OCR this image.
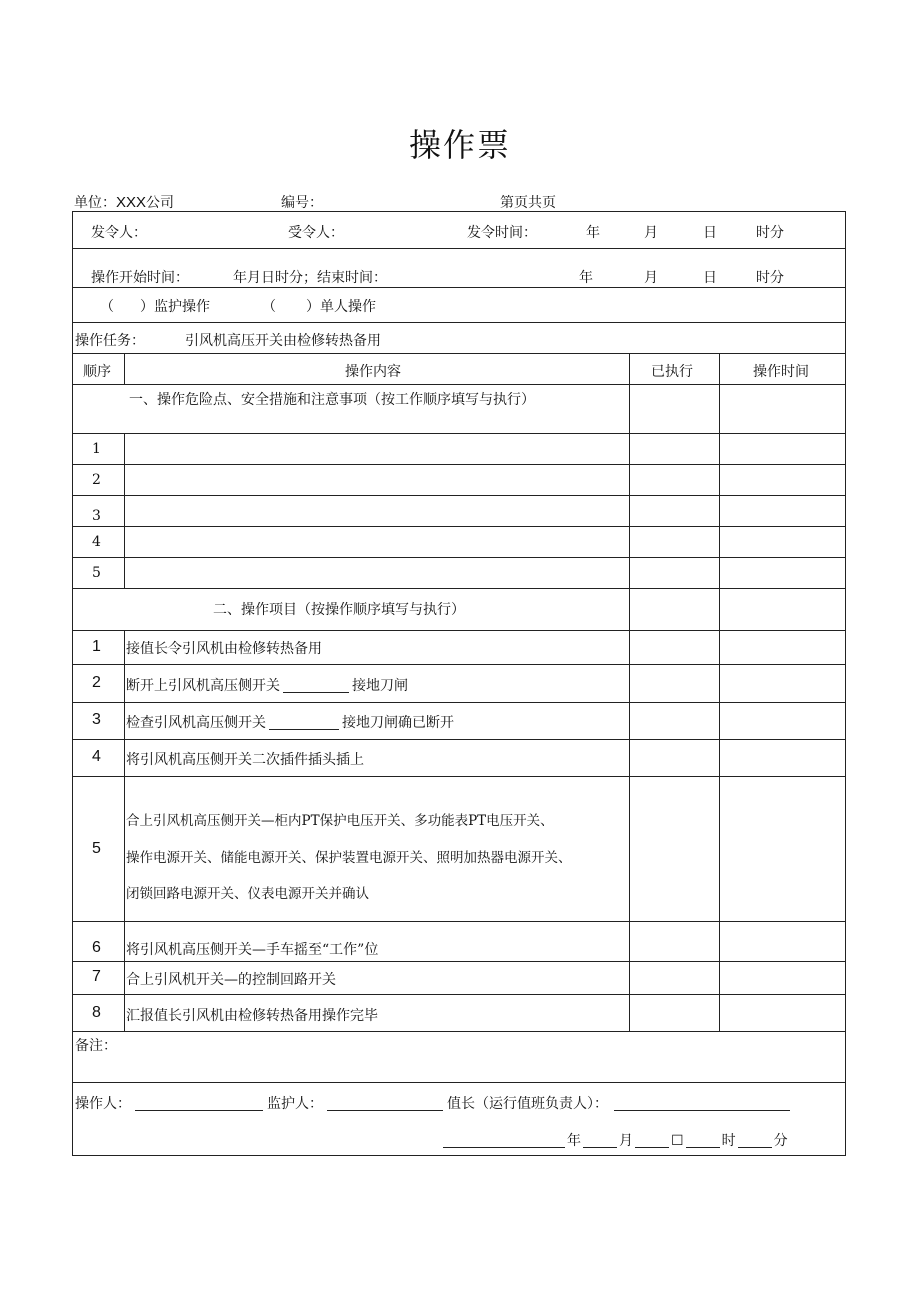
操作票
单位：XXX公司	编号：	第页共页
发令人：	受令人：	发令时间：	年	月	日	时分
操作开始时间：	年月日时分；结束时间：	年	月	日	时分
（ ）监护操作	（ ）单人操作
操作任务：	引风机高压开关由检修转热备用
顺序	操作内容	已执行	操作时间
一、操作危险点、安全措施和注意事项（按工作顺序填写与执行）
1
2
3
4
5
二、操作项目（按操作顺序填写与执行）
1 接值长令引风机由检修转热备用
2 断开上引风机高压侧开关	接地刀闸
3 检查引风机高压侧开关	接地刀闸确已断开
4 将引风机高压侧开关二次插件插头插上
5
合上引风机高压侧开关—柜内PT保护电压开关、多功能表PT电压开关、
操作电源开关、储能电源开关、保护装置电源开关、照明加热器电源开关、
闭锁回路电源开关、仪表电源开关并确认
6 将引风机高压侧开关—手车摇至“工作”位
7 合上引风机开关—的控制回路开关
8 汇报值长引风机由检修转热备用操作完毕
备注：
操作人：	监护人：	值长（运行值班负责人）：
年	月	☐	时	分
